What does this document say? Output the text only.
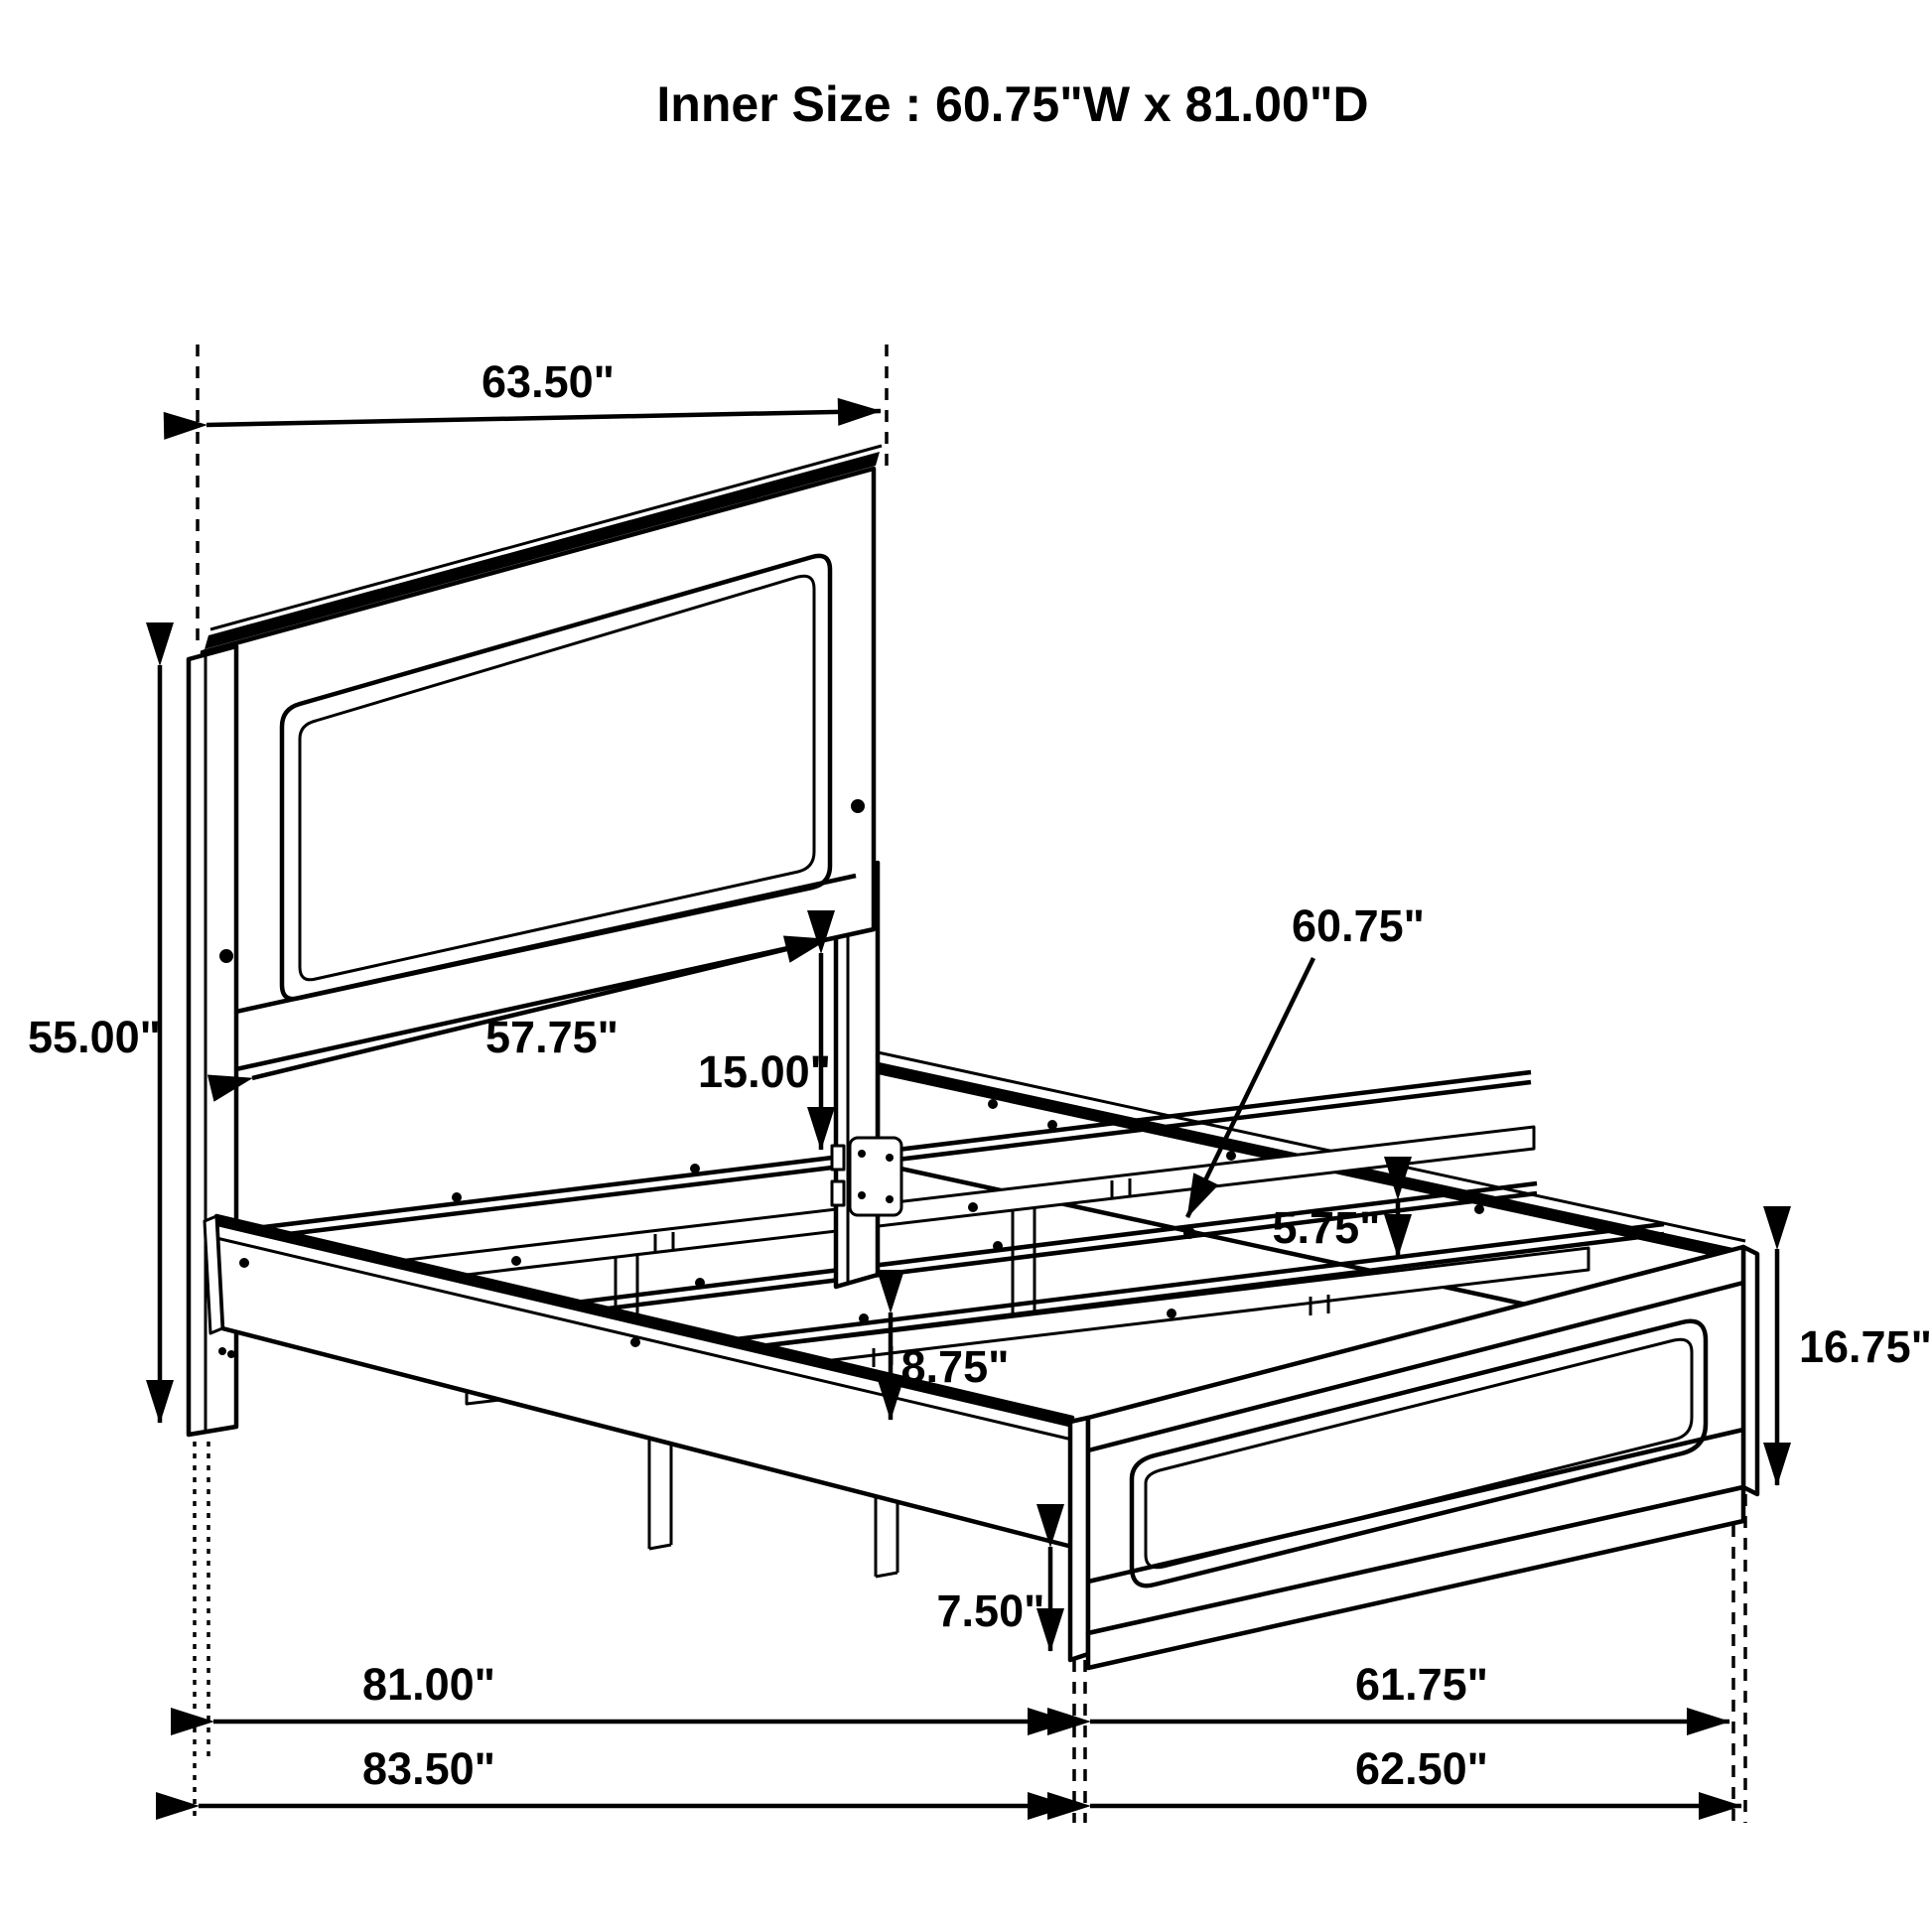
Inner Size : 60.75"W x 81.00"D
63.50"
55.00"	57.75"
15.00"
60.75"
5.75"
8.75"	16.75"
7.50"
81.00"	61.75"
83.50"	62.50"
